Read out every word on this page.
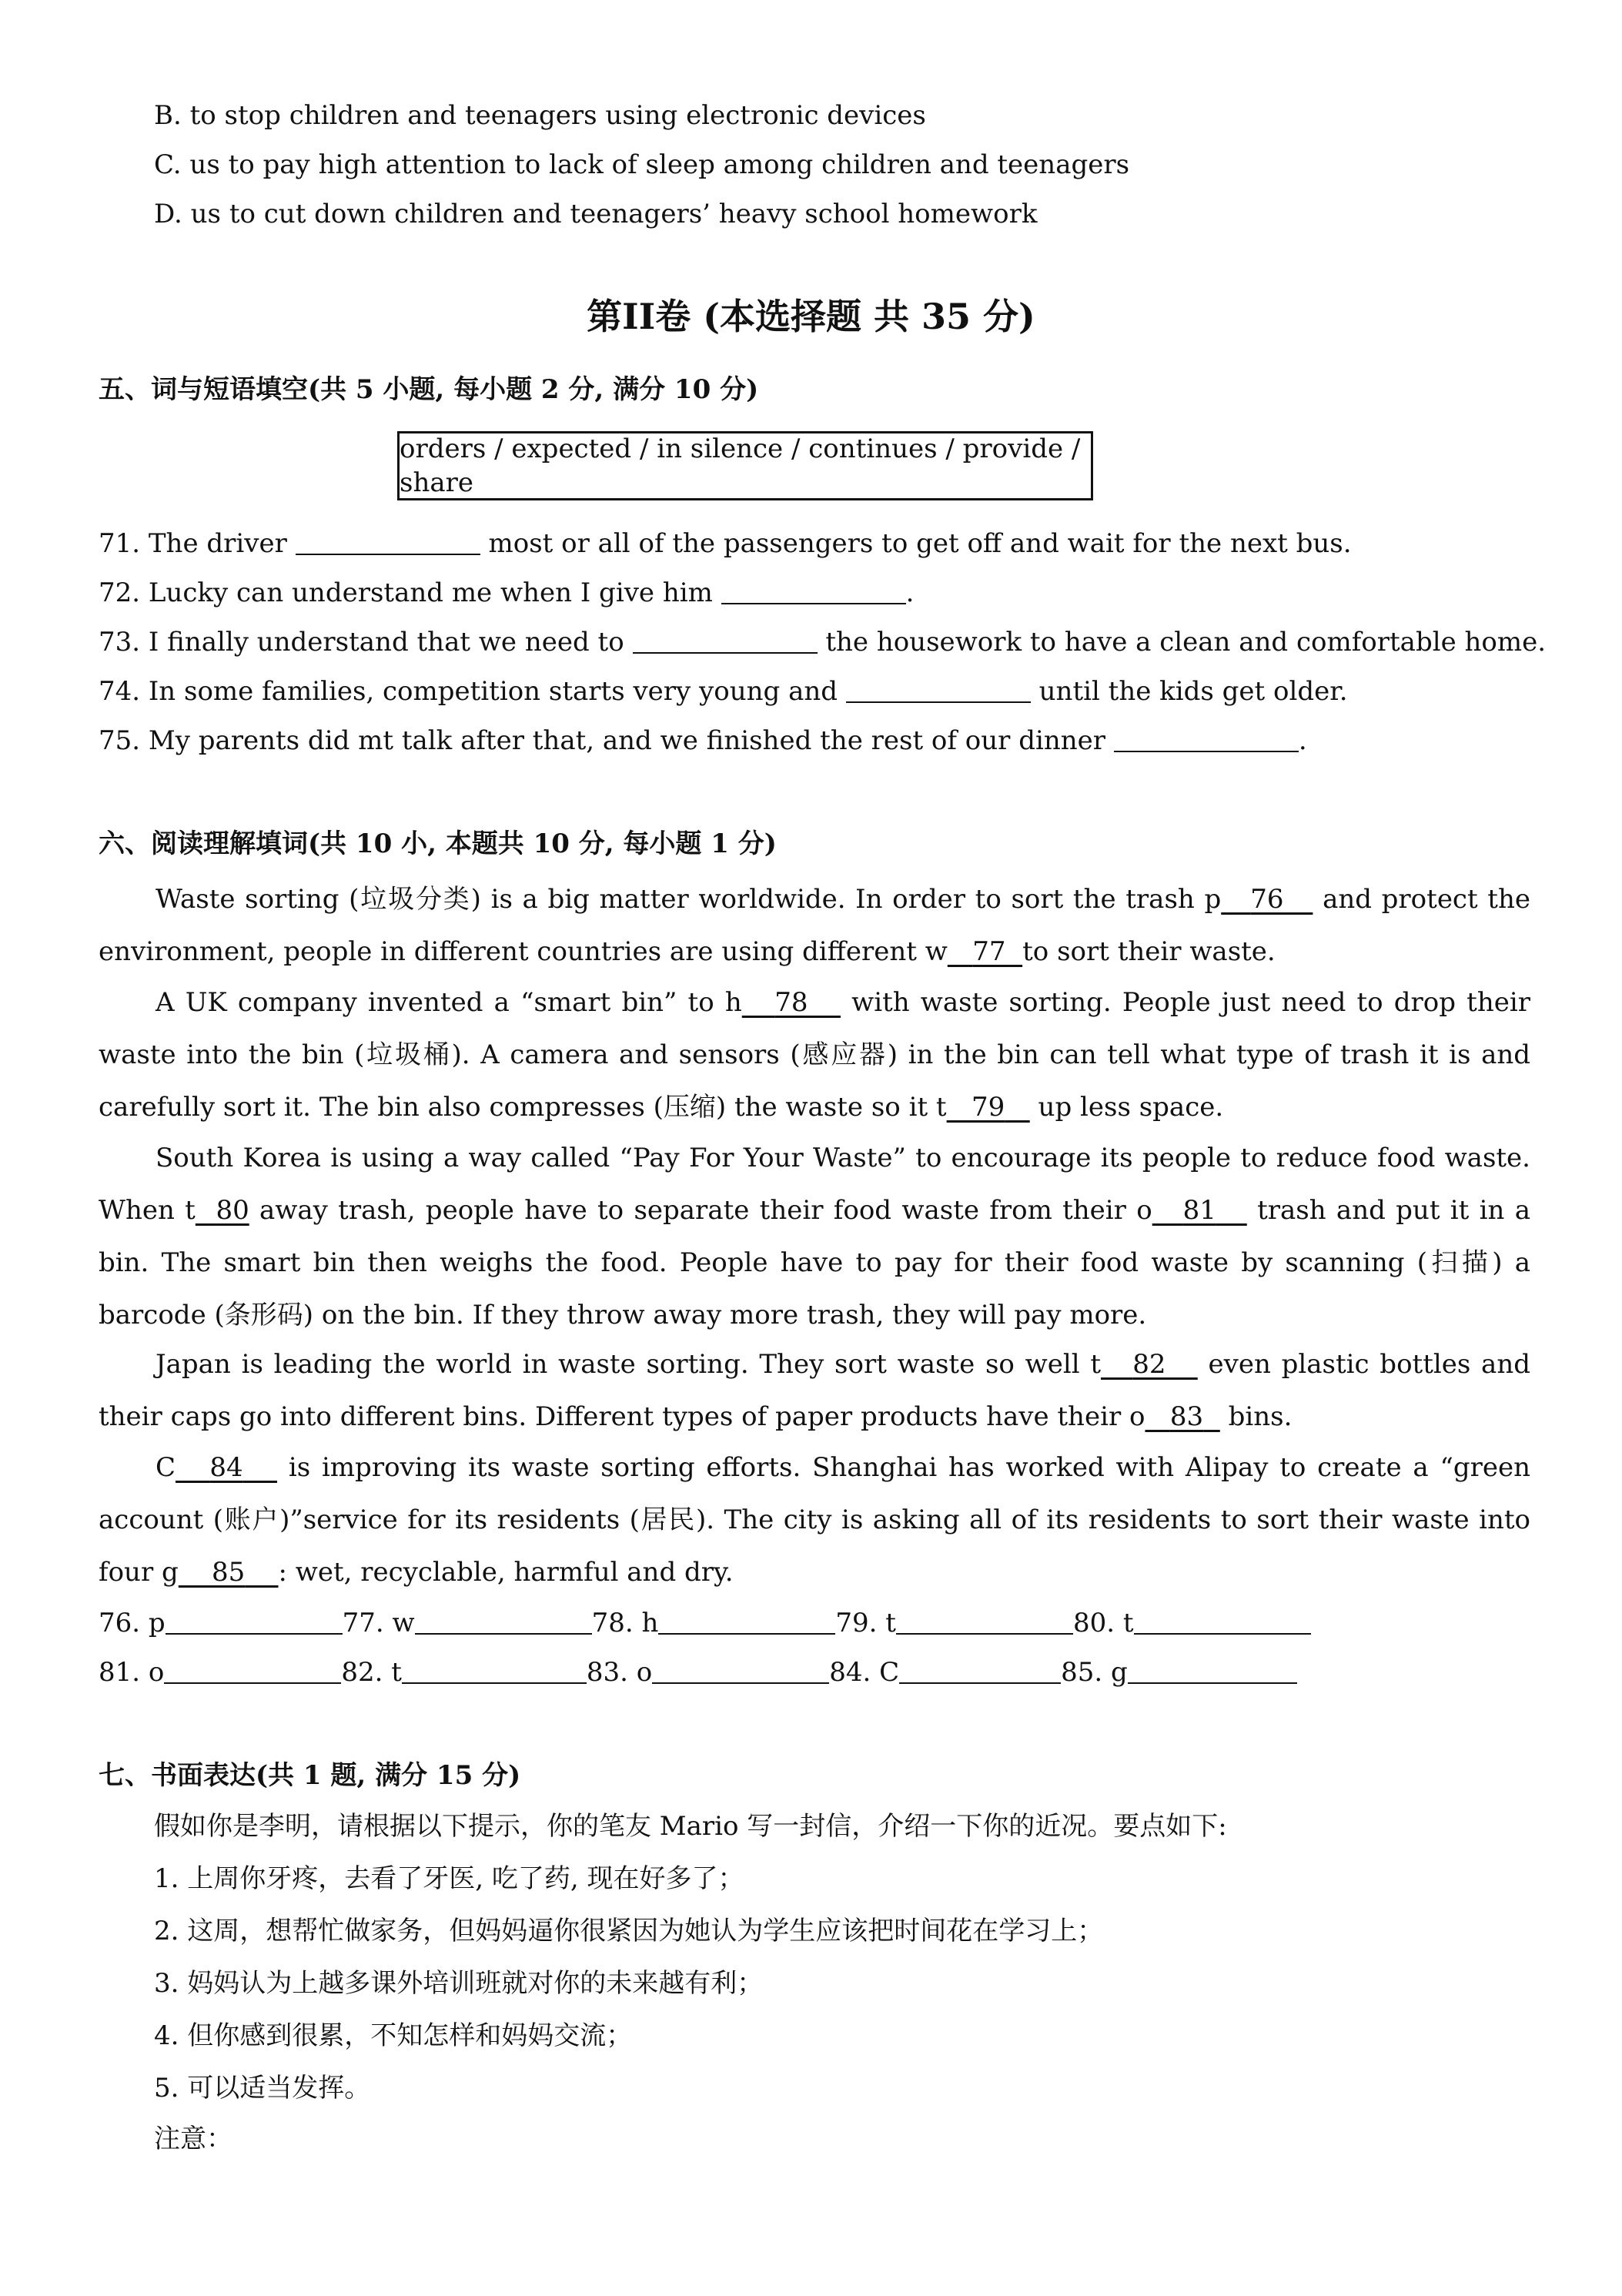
B. to stop children and teenagers using electronic devices
C. us to pay high attention to lack of sleep among children and teenagers
D. us to cut down children and teenagers’ heavy school homework
第II卷 (本选择题 共 35 分)
五、词与短语填空(共 5 小题, 每小题 2 分, 满分 10 分)
orders / expected / in silence / continues / provide / share
71. The driver	most or all of the passengers to get off and wait for the next bus.
72. Lucky can understand me when I give him	.
73. I finally understand that we need to	the housework to have a clean and comfortable home.
74. In some families, competition starts very young and	until the kids get older.
75. My parents did mt talk after that, and we finished the rest of our dinner	.
六、阅读理解填词(共 10 小, 本题共 10 分, 每小题 1 分)
Waste sorting (垃圾分类) is a big matter worldwide. In order to sort the trash p 76 and protect the environment, people in different countries are using different w 77 to sort their waste.
A UK company invented a “smart bin” to h 78 with waste sorting. People just need to drop their waste into the bin (垃圾桶). A camera and sensors (感应器) in the bin can tell what type of trash it is and carefully sort it. The bin also compresses (压缩) the waste so it t 79 up less space.
South Korea is using a way called “Pay For Your Waste” to encourage its people to reduce food waste. When t 80 away trash, people have to separate their food waste from their o 81 trash and put it in a bin. The smart bin then weighs the food. People have to pay for their food waste by scanning (扫描) a barcode (条形码) on the bin. If they throw away more trash, they will pay more.
Japan is leading the world in waste sorting. They sort waste so well t 82 even plastic bottles and their caps go into different bins. Different types of paper products have their o 83 bins.
C 84 is improving its waste sorting efforts. Shanghai has worked with Alipay to create a “green account (账户)”service for its residents (居民). The city is asking all of its residents to sort their waste into four g 85 : wet, recyclable, harmful and dry.
76. p	77. w	78. h	79. t	80. t
81. o	82. t	83. o	84. C	85. g
七、书面表达(共 1 题, 满分 15 分)
假如你是李明，请根据以下提示，你的笔友 Mario 写一封信，介绍一下你的近况。要点如下:
1. 上周你牙疼，去看了牙医, 吃了药, 现在好多了；
2. 这周，想帮忙做家务，但妈妈逼你很紧因为她认为学生应该把时间花在学习上；
3. 妈妈认为上越多课外培训班就对你的未来越有利；
4. 但你感到很累，不知怎样和妈妈交流；
5. 可以适当发挥。
注意：
